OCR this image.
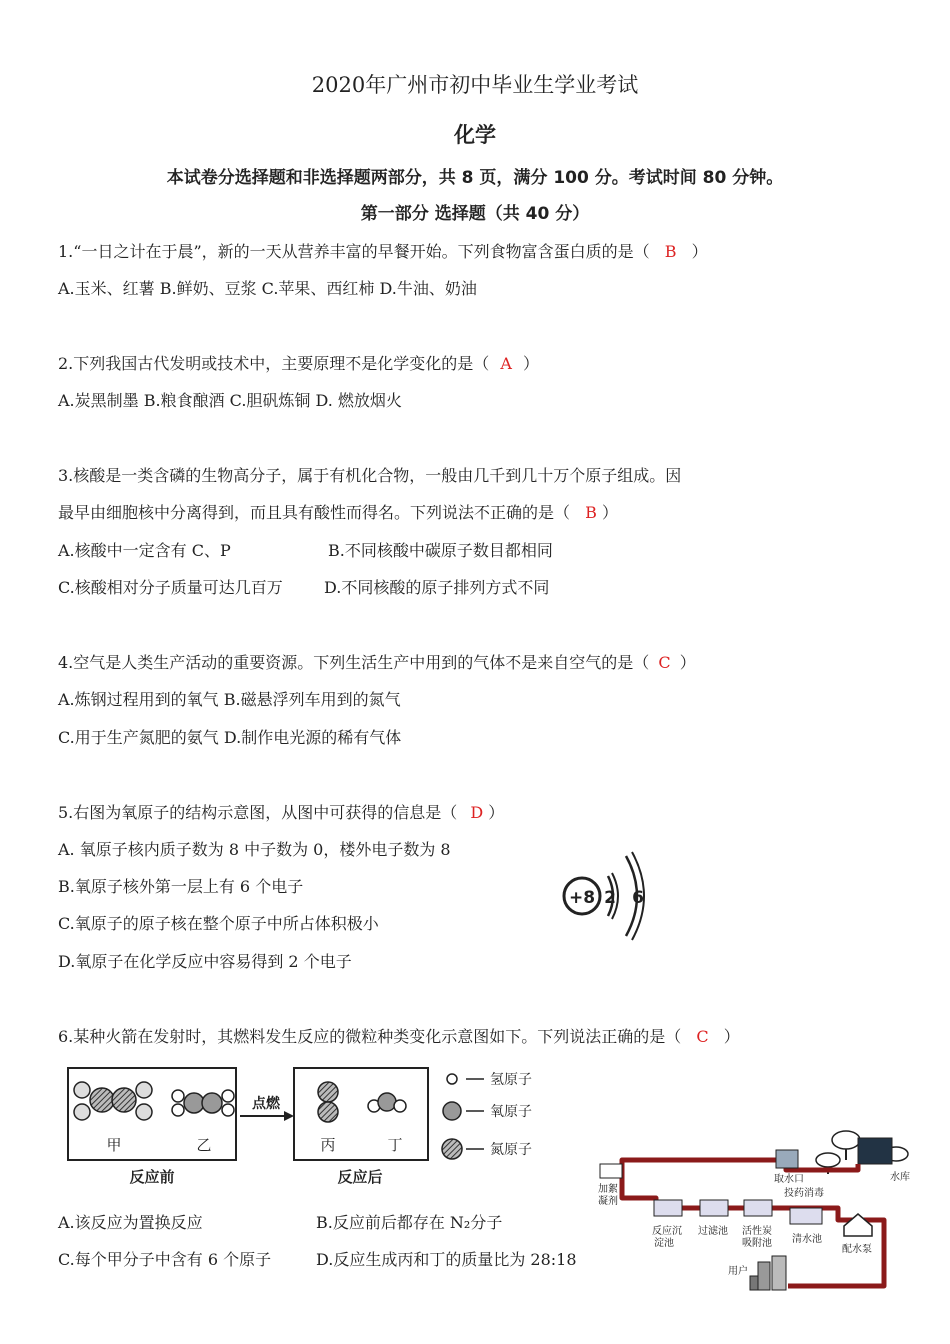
2020年广州市初中毕业生学业考试
化学
本试卷分选择题和非选择题两部分，共 8 页，满分 100 分。考试时间 80 分钟。
第一部分 选择题（共 40 分）
1.“一日之计在于晨”，新的一天从营养丰富的早餐开始。下列食物富含蛋白质的是（ B ）
A.玉米、红薯 B.鲜奶、豆浆 C.苹果、西红柿 D.牛油、奶油
2.下列我国古代发明或技术中，主要原理不是化学变化的是（ A ）
A.炭黑制墨 B.粮食酿酒 C.胆矾炼铜 D. 燃放烟火
3.核酸是一类含磷的生物高分子，属于有机化合物，一般由几千到几十万个原子组成。因
最早由细胞核中分离得到，而且具有酸性而得名。下列说法不正确的是（ B ）
A.核酸中一定含有 C、P	B.不同核酸中碳原子数目都相同
C.核酸相对分子质量可达几百万	D.不同核酸的原子排列方式不同
4.空气是人类生产活动的重要资源。下列生活生产中用到的气体不是来自空气的是（ C ）
A.炼钢过程用到的氧气 B.磁悬浮列车用到的氮气
C.用于生产氮肥的氨气 D.制作电光源的稀有气体
5.右图为氧原子的结构示意图，从图中可获得的信息是（ D ）
A. 氧原子核内质子数为 8 中子数为 0，楼外电子数为 8
B.氧原子核外第一层上有 6 个电子
C.氧原子的原子核在整个原子中所占体积极小
D.氧原子在化学反应中容易得到 2 个电子
+8 2 6
6.某种火箭在发射时，其燃料发生反应的微粒种类变化示意图如下。下列说法正确的是（ C ）
甲	乙
反应前
点燃
丙	丁
反应后
氢原子
氧原子
氮原子
A.该反应为置换反应	B.反应前后都存在 N₂分子
C.每个甲分子中含有 6 个原子	D.反应生成丙和丁的质量比为 28:18
水库
取水口
加絮
凝剂
投药消毒
反应沉
淀池
过滤池 活性炭
吸附池 清水池
配水泵
用户
